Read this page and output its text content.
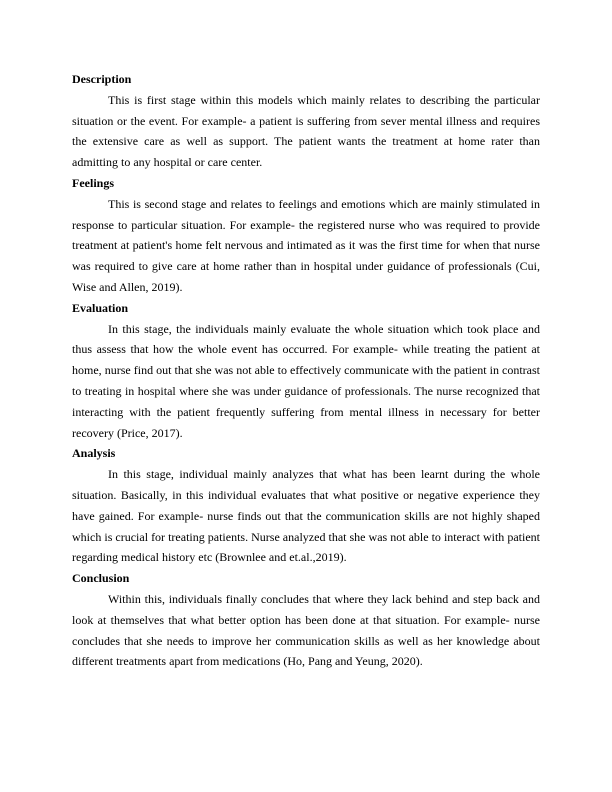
Description

This is first stage within this models which mainly relates to describing the particular situation or the event. For example- a patient is suffering from sever mental illness and requires the extensive care as well as support. The patient wants the treatment at home rater than admitting to any hospital or care center.

Feelings

This is second stage and relates to feelings and emotions which are mainly stimulated in response to particular situation. For example- the registered nurse who was required to provide treatment at patient's home felt nervous and intimated as it was the first time for when that nurse was required to give care at home rather than in hospital under guidance of professionals (Cui, Wise and Allen, 2019).

Evaluation

In this stage, the individuals mainly evaluate the whole situation which took place and thus assess that how the whole event has occurred. For example- while treating the patient at home, nurse find out that she was not able to effectively communicate with the patient in contrast to treating in hospital where she was under guidance of professionals. The nurse recognized that interacting with the patient frequently suffering from mental illness in necessary for better recovery (Price, 2017).

Analysis

In this stage, individual mainly analyzes that what has been learnt during the whole situation. Basically, in this individual evaluates that what positive or negative experience they have gained. For example- nurse finds out that the communication skills are not highly shaped which is crucial for treating patients. Nurse analyzed that she was not able to interact with patient regarding medical history etc (Brownlee and et.al.,2019).

Conclusion

Within this, individuals finally concludes that where they lack behind and step back and look at themselves that what better option has been done at that situation. For example- nurse concludes that she needs to improve her communication skills as well as her knowledge about different treatments apart from medications (Ho, Pang and Yeung, 2020).
